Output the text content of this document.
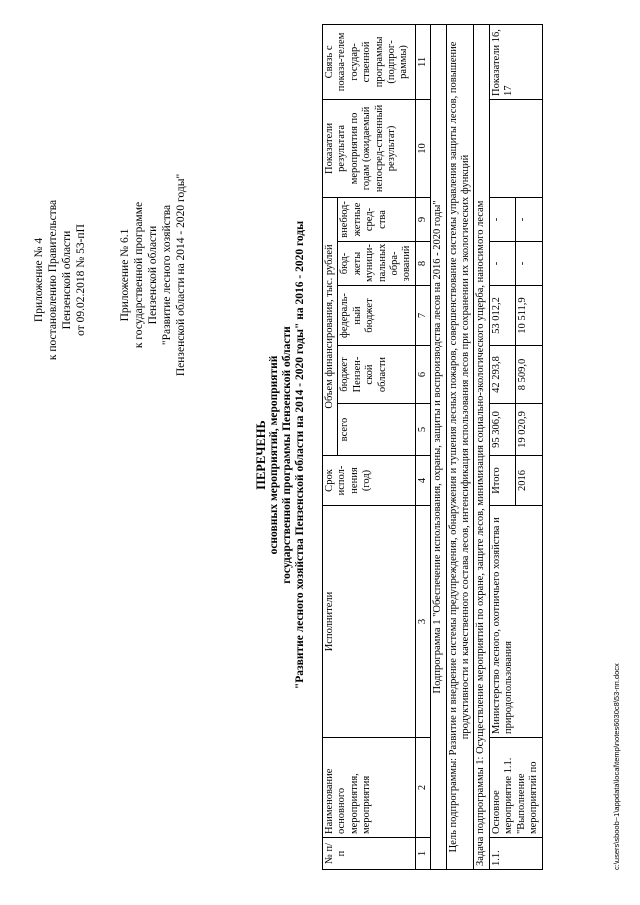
Приложение № 4 к постановлению Правительства Пензенской области от 09.02.2018 № 53-пП	Приложение № 6.1 к государственной программе Пензенской области "Развитие лесного хозяйства Пензенской области на 2014 - 2020 годы"
ПЕРЕЧЕНЬ основных мероприятий, мероприятий государственной программы Пензенской области "Развитие лесного хозяйства Пензенской области на 2014 - 2020 годы" на 2016 - 2020 годы
№ п/п	Наименование основного мероприятия, мероприятия	Исполнители	Срок испол-нения (год)	Объем финансирования, тыс. рублей					Показатели результата мероприятия по годам (ожидаемый непосред-ственный результат)	Связь с показа-телем государ-ственной программы (подпрог-раммы)
				всего	бюджет Пензен-ской области	федераль-ный бюджет	бюд-жеты муници-пальных обра-зований	внебюд-жетные сред-ства		
1	2	3	4	5	6	7	8	9	10	11
Подпрограмма 1 "Обеспечение использования, охраны, защиты и воспроизводства лесов на 2016 - 2020 годы"										
Цель подпрограммы: Развитие и внедрение системы предупреждения, обнаружения и тушения лесных пожаров, совершенствование системы управления защиты лесов, повышение продуктивности и качественного состава лесов, интенсификация использования лесов при сохранении их экологических функций										
Задача подпрограммы 1: Осуществление мероприятий по охране, защите лесов, минимизация социально-экологического ущерба, наносимого лесам										
1.1.	Основное мероприятие 1.1. "Выполнение мероприятий по	Министерство лесного, охотничьего хозяйства и природопользования	Итого	95 306,0	42 293,8	53 012,2	-	-		Показатели 16, 17
			2016	19 020,9	8 509,0	10 511,9	-	-		
c:\users\sboob~1\appdata\local\temp\notes6030c8\53-пп.docx
